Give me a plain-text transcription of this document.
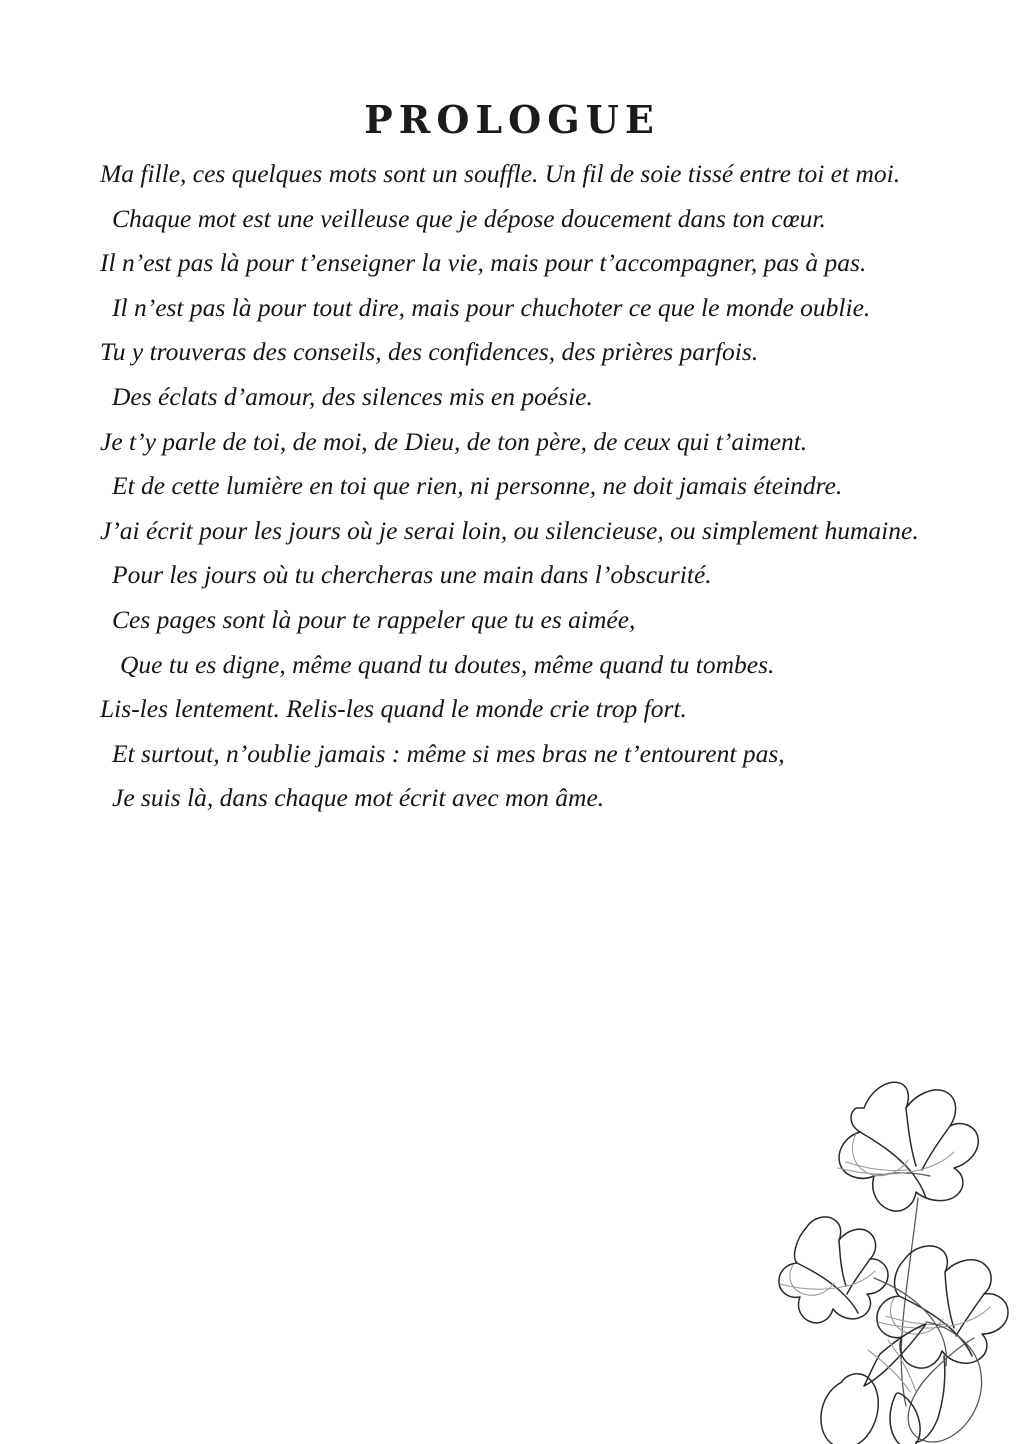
PROLOGUE

Ma fille, ces quelques mots sont un souffle. Un fil de soie tissé entre toi et moi.

Chaque mot est une veilleuse que je dépose doucement dans ton cœur.

Il n’est pas là pour t’enseigner la vie, mais pour t’accompagner, pas à pas.

Il n’est pas là pour tout dire, mais pour chuchoter ce que le monde oublie.

Tu y trouveras des conseils, des confidences, des prières parfois.

Des éclats d’amour, des silences mis en poésie.

Je t’y parle de toi, de moi, de Dieu, de ton père, de ceux qui t’aiment.

Et de cette lumière en toi que rien, ni personne, ne doit jamais éteindre.

J’ai écrit pour les jours où je serai loin, ou silencieuse, ou simplement humaine.

Pour les jours où tu chercheras une main dans l’obscurité.

Ces pages sont là pour te rappeler que tu es aimée,

Que tu es digne, même quand tu doutes, même quand tu tombes.

Lis-les lentement. Relis-les quand le monde crie trop fort.

Et surtout, n’oublie jamais : même si mes bras ne t’entourent pas,

Je suis là, dans chaque mot écrit avec mon âme.
